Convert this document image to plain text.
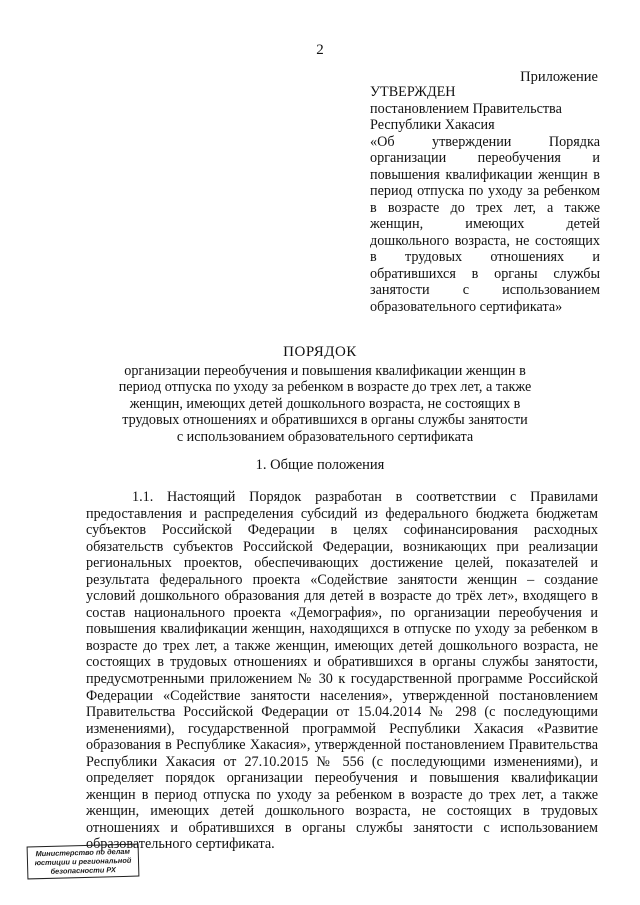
2
Приложение
УТВЕРЖДЕН
постановлением Правительства
Республики Хакасия
«Об утверждении Порядка организации переобучения и повышения квалификации женщин в период отпуска по уходу за ребенком в возрасте до трех лет, а также женщин, имеющих детей дошкольного возраста, не состоящих в трудовых отношениях и обратившихся в органы службы занятости с использованием образовательного сертификата»
ПОРЯДОК
организации переобучения и повышения квалификации женщин в период отпуска по уходу за ребенком в возрасте до трех лет, а также женщин, имеющих детей дошкольного возраста, не состоящих в трудовых отношениях и обратившихся в органы службы занятости с использованием образовательного сертификата
1. Общие положения
1.1. Настоящий Порядок разработан в соответствии с Правилами предоставления и распределения субсидий из федерального бюджета бюджетам субъектов Российской Федерации в целях софинансирования расходных обязательств субъектов Российской Федерации, возникающих при реализации региональных проектов, обеспечивающих достижение целей, показателей и результата федерального проекта «Содействие занятости женщин – создание условий дошкольного образования для детей в возрасте до трёх лет», входящего в состав национального проекта «Демография», по организации переобучения и повышения квалификации женщин, находящихся в отпуске по уходу за ребенком в возрасте до трех лет, а также женщин, имеющих детей дошкольного возраста, не состоящих в трудовых отношениях и обратившихся в органы службы занятости, предусмотренными приложением № 30 к государственной программе Российской Федерации «Содействие занятости населения», утвержденной постановлением Правительства Российской Федерации от 15.04.2014 № 298 (с последующими изменениями), государственной программой Республики Хакасия «Развитие образования в Республике Хакасия», утвержденной постановлением Правительства Республики Хакасия от 27.10.2015 № 556 (с последующими изменениями), и определяет порядок организации переобучения и повышения квалификации женщин в период отпуска по уходу за ребенком в возрасте до трех лет, а также женщин, имеющих детей дошкольного возраста, не состоящих в трудовых отношениях и обратившихся в органы службы занятости с использованием образовательного сертификата.
Министерство по делам
юстиции и региональной
безопасности РХ
